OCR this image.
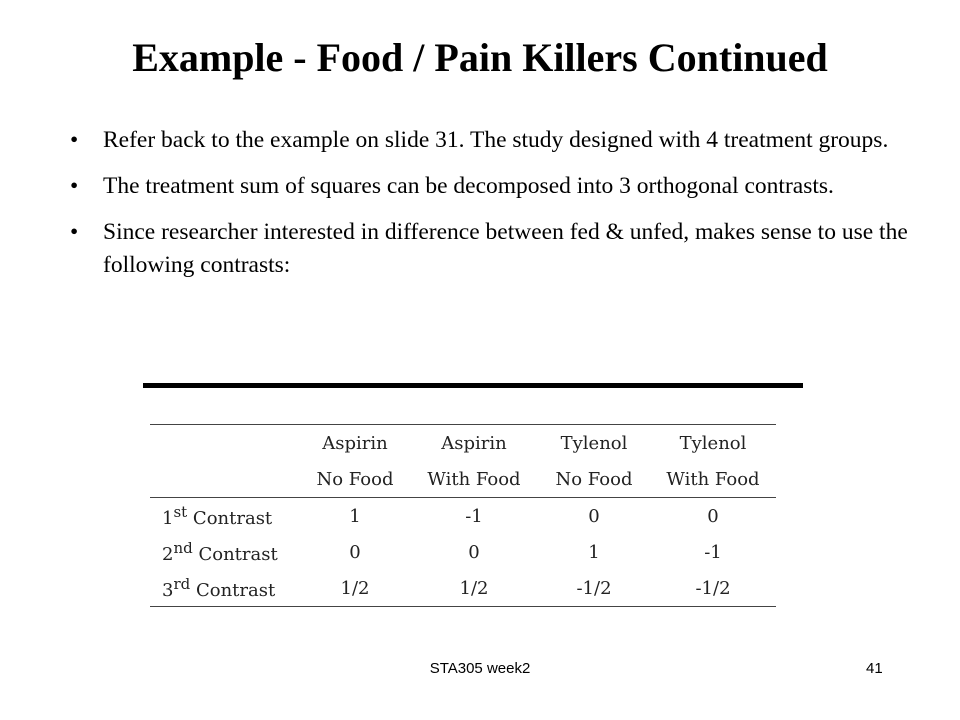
Example - Food / Pain Killers Continued
• Refer back to the example on slide 31. The study designed with 4 treatment groups.
• The treatment sum of squares can be decomposed into 3 orthogonal contrasts.
• Since researcher interested in difference between fed & unfed, makes sense to use the following contrasts:
	Aspirin	Aspirin	Tylenol	Tylenol
	No Food	With Food	No Food	With Food
1st Contrast	1	-1	0	0
2nd Contrast	0	0	1	-1
3rd Contrast	1/2	1/2	-1/2	-1/2
STA305 week2	41
